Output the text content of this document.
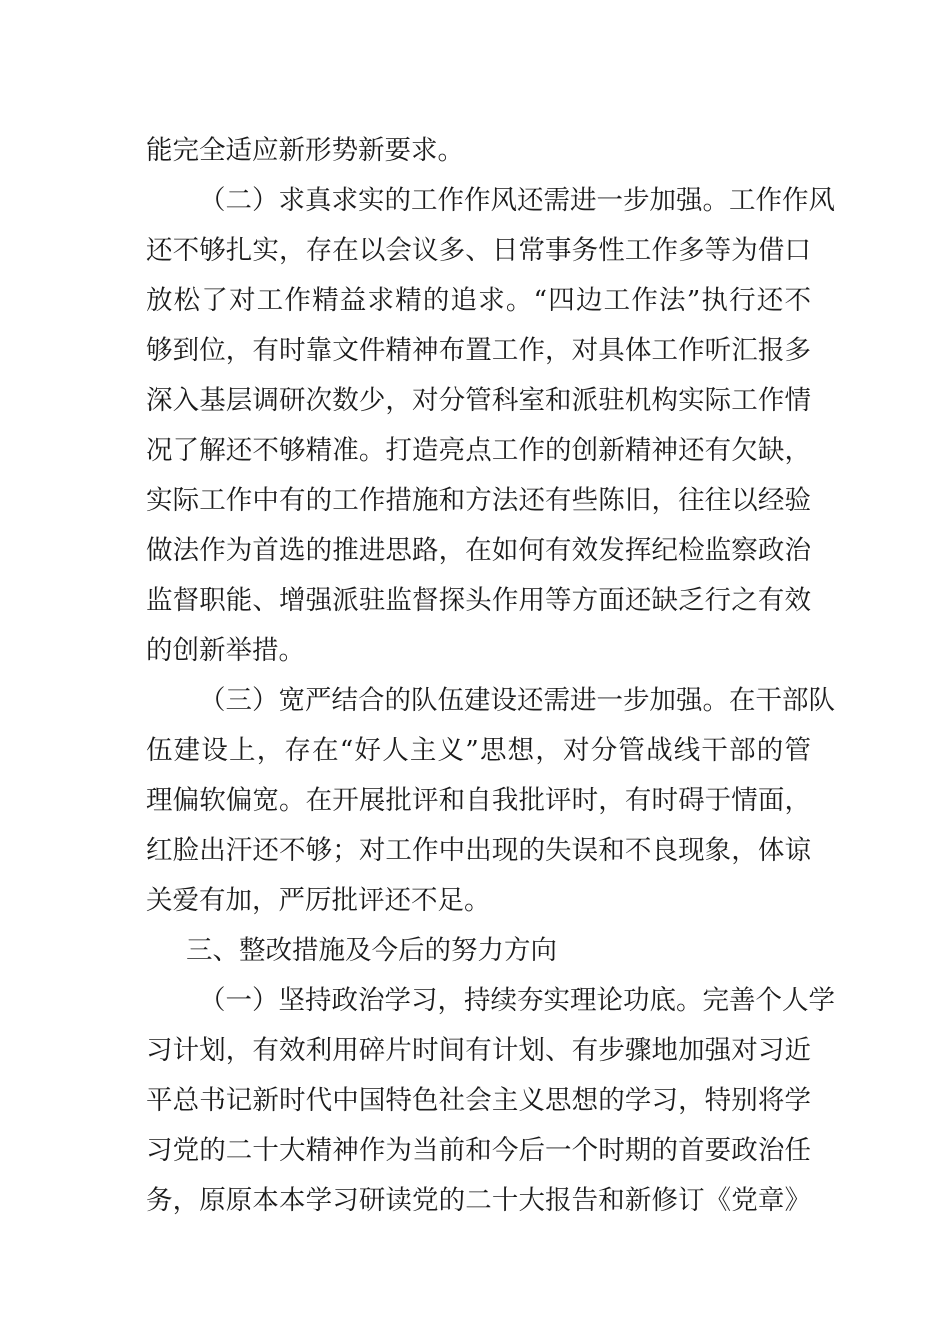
能完全适应新形势新要求。
（二）求真求实的工作作风还需进一步加强。工作作风
还不够扎实，存在以会议多、日常事务性工作多等为借口
放松了对工作精益求精的追求。“四边工作法”执行还不
够到位，有时靠文件精神布置工作，对具体工作听汇报多
深入基层调研次数少，对分管科室和派驻机构实际工作情
况了解还不够精准。打造亮点工作的创新精神还有欠缺，
实际工作中有的工作措施和方法还有些陈旧，往往以经验
做法作为首选的推进思路，在如何有效发挥纪检监察政治
监督职能、增强派驻监督探头作用等方面还缺乏行之有效
的创新举措。
（三）宽严结合的队伍建设还需进一步加强。在干部队
伍建设上，存在“好人主义”思想，对分管战线干部的管
理偏软偏宽。在开展批评和自我批评时，有时碍于情面，
红脸出汗还不够；对工作中出现的失误和不良现象，体谅
关爱有加，严厉批评还不足。
三、整改措施及今后的努力方向
（一）坚持政治学习，持续夯实理论功底。完善个人学
习计划，有效利用碎片时间有计划、有步骤地加强对习近
平总书记新时代中国特色社会主义思想的学习，特别将学
习党的二十大精神作为当前和今后一个时期的首要政治任
务，原原本本学习研读党的二十大报告和新修订《党章》
